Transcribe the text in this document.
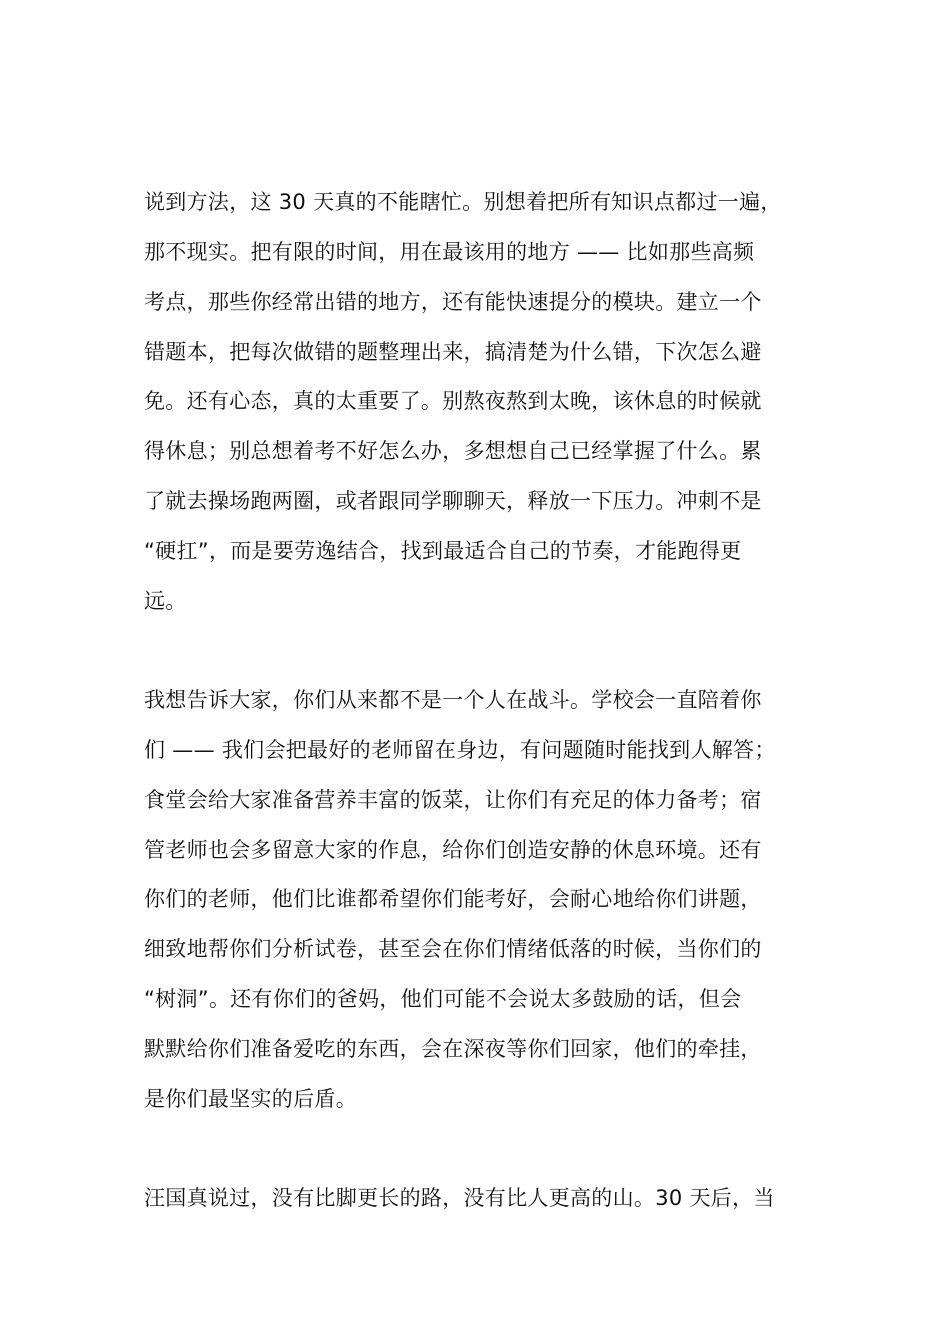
说到方法，这 30 天真的不能瞎忙。别想着把所有知识点都过一遍，
那不现实。把有限的时间，用在最该用的地方 —— 比如那些高频
考点，那些你经常出错的地方，还有能快速提分的模块。建立一个
错题本，把每次做错的题整理出来，搞清楚为什么错，下次怎么避
免。还有心态，真的太重要了。别熬夜熬到太晚，该休息的时候就
得休息；别总想着考不好怎么办，多想想自己已经掌握了什么。累
了就去操场跑两圈，或者跟同学聊聊天，释放一下压力。冲刺不是
“硬扛”，而是要劳逸结合，找到最适合自己的节奏，才能跑得更
远。
我想告诉大家，你们从来都不是一个人在战斗。学校会一直陪着你
们 —— 我们会把最好的老师留在身边，有问题随时能找到人解答；
食堂会给大家准备营养丰富的饭菜，让你们有充足的体力备考；宿
管老师也会多留意大家的作息，给你们创造安静的休息环境。还有
你们的老师，他们比谁都希望你们能考好，会耐心地给你们讲题，
细致地帮你们分析试卷，甚至会在你们情绪低落的时候，当你们的
“树洞”。还有你们的爸妈，他们可能不会说太多鼓励的话，但会
默默给你们准备爱吃的东西，会在深夜等你们回家，他们的牵挂，
是你们最坚实的后盾。
汪国真说过，没有比脚更长的路，没有比人更高的山。30 天后，当
